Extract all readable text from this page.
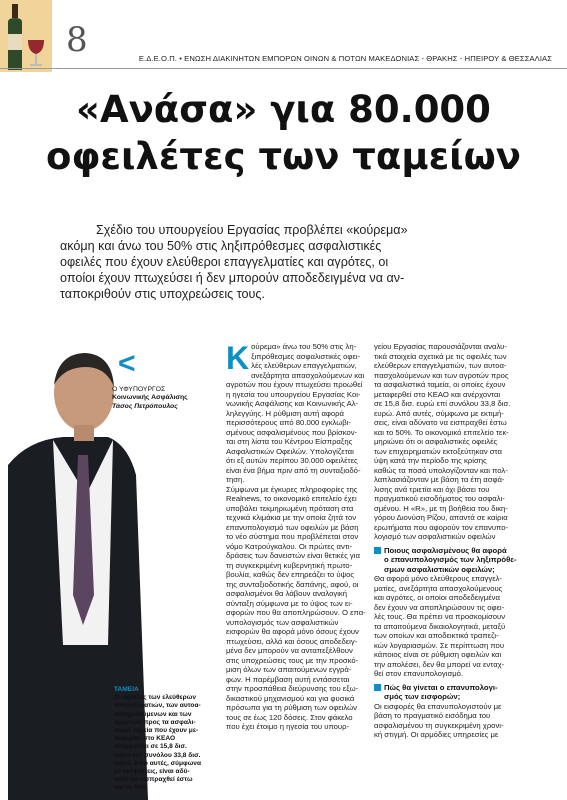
8	Ε.Δ.Ε.Ο.Π. • ΕΝΩΣΗ ΔΙΑΚΙΝΗΤΩΝ ΕΜΠΟΡΩΝ ΟΙΝΩΝ & ΠΟΤΩΝ ΜΑΚΕΔΟΝΙΑΣ - ΘΡΑΚΗΣ - ΗΠΕΙΡΟΥ & ΘΕΣΣΑΛΙΑΣ
«Ανάσα» για 80.000
οφειλέτες των ταμείων
Σχέδιο του υπουργείου Εργασίας προβλέπει «κούρεμα»
ακόμη και άνω του 50% στις ληξιπρόθεσμες ασφαλιστικές
οφειλές που έχουν ελεύθεροι επαγγελματίες και αγρότες, οι
οποίοι έχουν πτωχεύσει ή δεν μπορούν αποδεδειγμένα να αν-
ταποκριθούν στις υποχρεώσεις τους.
<
Ο ΥΦΥΠΟΥΡΓΟΣ
Κοινωνικής Ασφάλισης
Τάσος Πετρόπουλος
ΤΑΜΕΙΑ
Οι οφειλές των ελεύθερων
επαγγελματιών, των αυτοα-
πασχολούμενων και των
αγροτών προς τα ασφαλι-
στικά ταμεία που έχουν με-
ταφερθεί στο ΚΕΑΟ
ανέρχονται σε 15,8 δισ.
ευρώ επί συνόλου 33,8 δισ.
ευρώ. Από αυτές, σύμφωνα
με εκτιμήσεις, είναι αδύ-
νατο να εισπραχθεί έστω
και το 50%
Κ ούρεμα» άνω του 50% στις λη-
ξιπρόθεσμες ασφαλιστικές οφει-
λές ελεύθερων επαγγελματιών,
ανεξάρτητα απασχολούμενων και
αγροτών που έχουν πτωχεύσει προωθεί
η ηγεσία του υπουργείου Εργασίας Κοι-
νωνικής Ασφάλισης και Κοινωνικής Αλ-
ληλεγγύης. Η ρύθμιση αυτή αφορά
περισσότερους από 80.000 εγκλωβι-
σμένους ασφαλισμένους που βρίσκον-
ται στη λίστα του Κέντρου Είσπραξης
Ασφαλιστικών Οφειλών. Υπολογίζεται
ότι εξ αυτών περίπου 30.000 οφειλέτες
είναι ένα βήμα πριν από τη συνταξιοδό-
τηση.
Σύμφωνα με έγκυρες πληροφορίες της
Realnews, το οικονομικό επιτελείο έχει
υποβάλει τεκμηριωμένη πρόταση στα
τεχνικά κλιμάκια με την οποία ζητά τον
επανυπολογισμό των οφειλών με βάση
το νέο σύστημα που προβλέπεται στον
νόμο Κατρούγκαλου. Οι πρώτες αντι-
δράσεις των δανειστών είναι θετικές για
τη συγκεκριμένη κυβερνητική πρωτο-
βουλία, καθώς δεν επηρεάζει το ύψος
της συνταξιοδοτικής δαπάνης, αφού, οι
ασφαλισμένοι θα λάβουν αναλογική
σύνταξη σύμφωνα με το ύψος των ει-
σφορών που θα αποπληρώσουν. Ο επα-
νυπολογισμός των ασφαλιστικών
εισφορών θα αφορά μόνο όσους έχουν
πτωχεύσει, αλλά και όσους αποδεδειγ-
μένα δεν μπορούν να ανταπεξέλθουν
στις υποχρεώσεις τους με την προσκό-
μιση όλων των απαιτούμενων εγγρά-
φων. Η παρέμβαση αυτή εντάσσεται
στην προσπάθεια διεύρυνσης του εξω-
δικαστικού μηχανισμού και για φυσικά
πρόσωπα για τη ρύθμιση των οφειλών
τους σε έως 120 δόσεις. Στον φάκελο
που έχει έτοιμο η ηγεσία του υπουρ-
γείου Εργασίας παρουσιάζονται αναλυ-
τικά στοιχεία σχετικά με τις οφειλές των
ελεύθερων επαγγελματιών, των αυτοα-
πασχολούμενων και των αγροτών προς
τα ασφαλιστικά ταμεία, οι οποίες έχουν
μεταφερθεί στο ΚΕΑΟ και ανέρχονται
σε 15,8 δισ. ευρώ επί συνόλου 33,8 δισ.
ευρώ. Από αυτές, σύμφωνα με εκτιμή-
σεις, είναι αδύνατο να εισπραχθεί έστω
και το 50%. Το οικονομικό επιτελείο τεκ-
μηριώνει ότι οι ασφαλιστικές οφειλές
των επιχειρηματιών εκτοξεύτηκαν στα
ύψη κατά την περίοδο της κρίσης
καθώς τα ποσά υπολογίζονταν και πολ-
λαπλασιάζονταν με βάση τα έτη ασφά-
λισης ανά τριετία και όχι βάσει του
πραγματικού εισοδήματος του ασφαλι-
σμένου. Η «R», με τη βοήθεια του δικη-
γόρου Διονύση Ρίζου, απαντά σε καίρια
ερωτήματα που αφορούν τον επανυπο-
λογισμό των ασφαλιστικών οφειλών
Ποιους ασφαλισμένους θα αφορά
ο επανυπολογισμός των ληξιπρόθε-
σμων ασφαλιστικών οφειλών;
Θα αφορά μόνο ελεύθερους επαγγελ-
ματίες, ανεξάρτητα απασχολούμενους
και αγρότες, οι οποίοι αποδεδειγμένα
δεν έχουν να αποπληρώσουν τις οφει-
λές τους. Θα πρέπει να προσκομίσουν
τα απαιτούμενα δικαιολογητικά, μεταξύ
των οποίων και αποδεικτικά τραπεζι-
κών λογαριασμών. Σε περίπτωση που
κάποιος είναι σε ρύθμιση οφειλών και
την απολέσει, δεν θα μπορεί να ενταχ-
θεί στον επανυπολογισμό.
Πώς θα γίνεται ο επανυπολογι-
σμός των εισφορών;
Οι εισφορές θα επανυπολογιστούν με
βάση το πραγματικό εισόδημα του
ασφαλισμένου τη συγκεκριμένη χρονι-
κή στιγμή. Οι αρμόδιες υπηρεσίες με
